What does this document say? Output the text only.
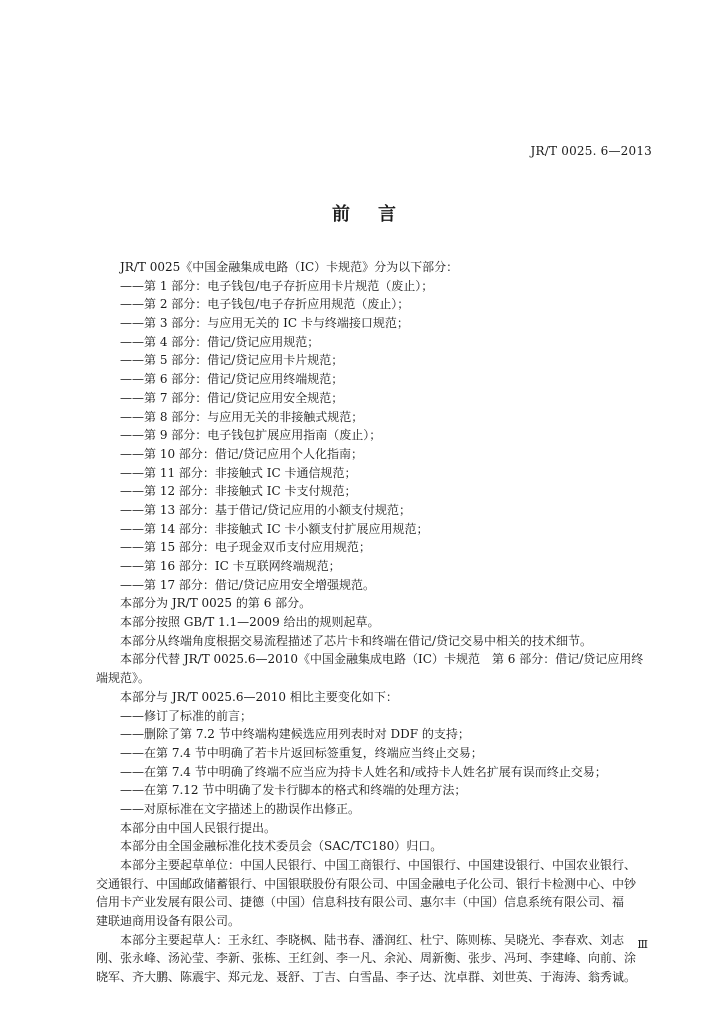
JR/T 0025. 6—2013
前言
JR/T 0025《中国金融集成电路（IC）卡规范》分为以下部分：
——第 1 部分：电子钱包/电子存折应用卡片规范（废止）；
——第 2 部分：电子钱包/电子存折应用规范（废止）；
——第 3 部分：与应用无关的 IC 卡与终端接口规范；
——第 4 部分：借记/贷记应用规范；
——第 5 部分：借记/贷记应用卡片规范；
——第 6 部分：借记/贷记应用终端规范；
——第 7 部分：借记/贷记应用安全规范；
——第 8 部分：与应用无关的非接触式规范；
——第 9 部分：电子钱包扩展应用指南（废止）；
——第 10 部分：借记/贷记应用个人化指南；
——第 11 部分：非接触式 IC 卡通信规范；
——第 12 部分：非接触式 IC 卡支付规范；
——第 13 部分：基于借记/贷记应用的小额支付规范；
——第 14 部分：非接触式 IC 卡小额支付扩展应用规范；
——第 15 部分：电子现金双币支付应用规范；
——第 16 部分：IC 卡互联网终端规范；
——第 17 部分：借记/贷记应用安全增强规范。
本部分为 JR/T 0025 的第 6 部分。
本部分按照 GB/T 1.1—2009 给出的规则起草。
本部分从终端角度根据交易流程描述了芯片卡和终端在借记/贷记交易中相关的技术细节。
本部分代替 JR/T 0025.6—2010《中国金融集成电路（IC）卡规范　第 6 部分：借记/贷记应用终
端规范》。
本部分与 JR/T 0025.6—2010 相比主要变化如下：
——修订了标准的前言；
——删除了第 7.2 节中终端构建候选应用列表时对 DDF 的支持；
——在第 7.4 节中明确了若卡片返回标签重复，终端应当终止交易；
——在第 7.4 节中明确了终端不应当应为持卡人姓名和/或持卡人姓名扩展有误而终止交易；
——在第 7.12 节中明确了发卡行脚本的格式和终端的处理方法；
——对原标准在文字描述上的勘误作出修正。
本部分由中国人民银行提出。
本部分由全国金融标准化技术委员会（SAC/TC180）归口。
本部分主要起草单位：中国人民银行、中国工商银行、中国银行、中国建设银行、中国农业银行、
交通银行、中国邮政储蓄银行、中国银联股份有限公司、中国金融电子化公司、银行卡检测中心、中钞
信用卡产业发展有限公司、捷德（中国）信息科技有限公司、惠尔丰（中国）信息系统有限公司、福
建联迪商用设备有限公司。
本部分主要起草人：王永红、李晓枫、陆书春、潘润红、杜宁、陈则栋、吴晓光、李春欢、刘志
刚、张永峰、汤沁莹、李新、张栋、王红剑、李一凡、余沁、周新衡、张步、冯珂、李建峰、向前、涂
晓军、齐大鹏、陈震宇、郑元龙、聂舒、丁吉、白雪晶、李子达、沈卓群、刘世英、于海涛、翁秀诚。
Ⅲ
